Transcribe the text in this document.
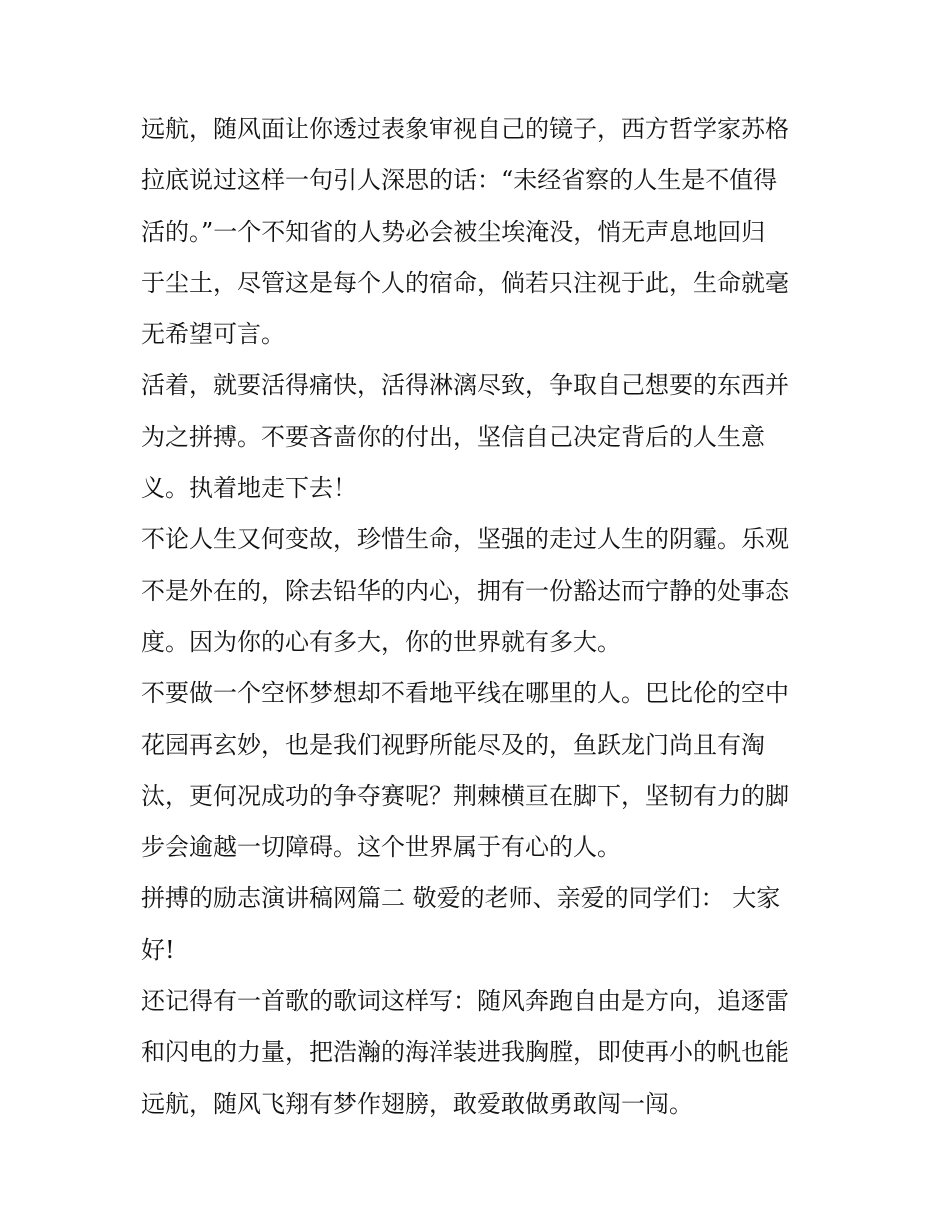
远航，随风面让你透过表象审视自己的镜子，西方哲学家苏格
拉底说过这样一句引人深思的话：“未经省察的人生是不值得
活的。”一个不知省的人势必会被尘埃淹没，悄无声息地回归
于尘土，尽管这是每个人的宿命，倘若只注视于此，生命就毫
无希望可言。
活着，就要活得痛快，活得淋漓尽致，争取自己想要的东西并
为之拼搏。不要吝啬你的付出，坚信自己决定背后的人生意
义。执着地走下去！
不论人生又何变故，珍惜生命，坚强的走过人生的阴霾。乐观
不是外在的，除去铅华的内心，拥有一份豁达而宁静的处事态
度。因为你的心有多大，你的世界就有多大。
不要做一个空怀梦想却不看地平线在哪里的人。巴比伦的空中
花园再玄妙，也是我们视野所能尽及的，鱼跃龙门尚且有淘
汰，更何况成功的争夺赛呢？荆棘横亘在脚下，坚韧有力的脚
步会逾越一切障碍。这个世界属于有心的人。
拼搏的励志演讲稿网篇二 敬爱的老师、亲爱的同学们： 大家
好!
还记得有一首歌的歌词这样写：随风奔跑自由是方向，追逐雷
和闪电的力量，把浩瀚的海洋装进我胸膛，即使再小的帆也能
远航，随风飞翔有梦作翅膀，敢爱敢做勇敢闯一闯。
